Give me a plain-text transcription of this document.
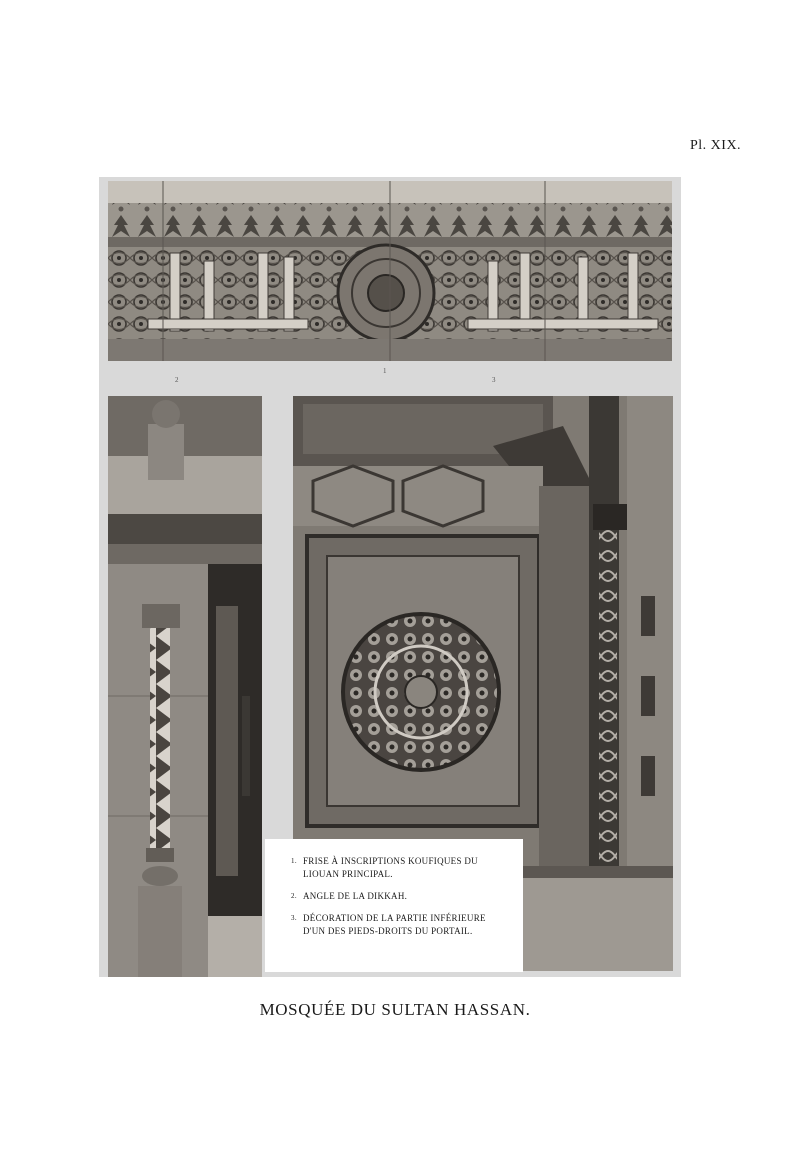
Pl. XIX.
2
1
3
1. FRISE À INSCRIPTIONS KOUFIQUES DU LIOUAN PRINCIPAL.
2. ANGLE DE LA DIKKAH.
3. DÉCORATION DE LA PARTIE INFÉRIEURE D'UN DES PIEDS-DROITS DU PORTAIL.
MOSQUÉE DU SULTAN HASSAN.
